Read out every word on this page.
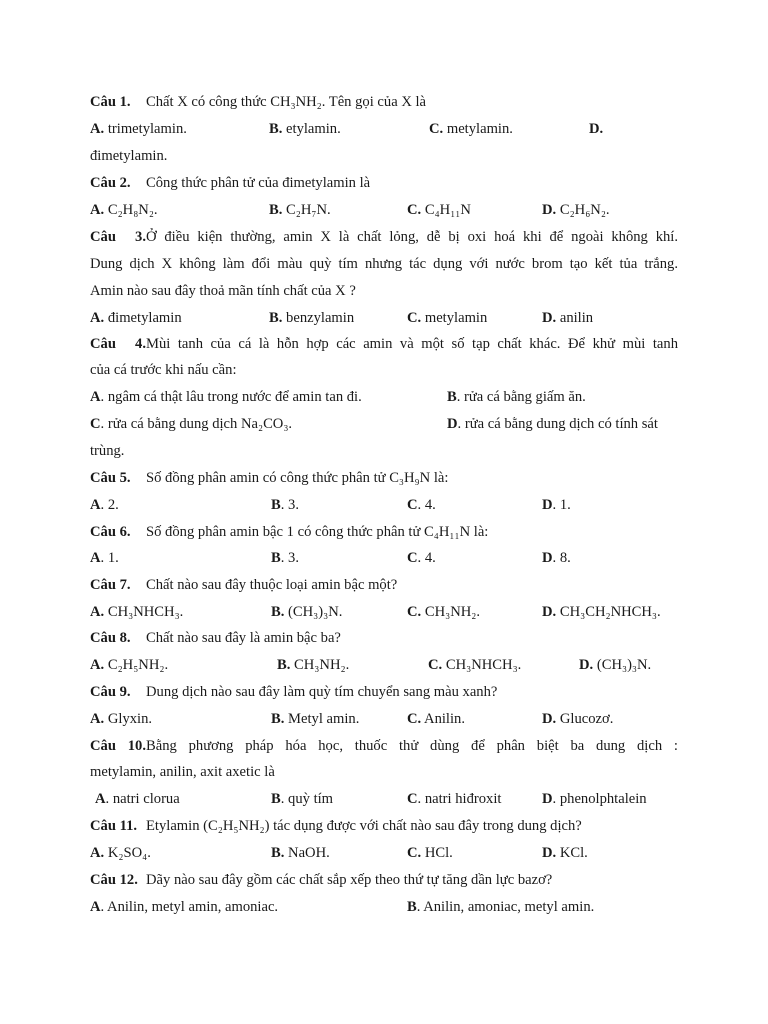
Câu 1. Chất X có công thức CH₃NH₂. Tên gọi của X là
A. trimetylamin.	B. etylamin.	C. metylamin.	D.
đimetylamin.
Câu 2. Công thức phân tử của đimetylamin là
A. C₂H₈N₂.	B. C₂H₇N.	C. C₄H₁₁N	D. C₂H₆N₂.
Câu 3.Ở điều kiện thường, amin X là chất lỏng, dễ bị oxi hoá khi để ngoài không khí.
Dung dịch X không làm đổi màu quỳ tím nhưng tác dụng với nước brom tạo kết tủa trắng.
Amin nào sau đây thoả mãn tính chất của X ?
A. đimetylamin	B. benzylamin	C. metylamin	D. anilin
Câu 4.Mùi tanh của cá là hỗn hợp các amin và một số tạp chất khác. Để khử mùi tanh
của cá trước khi nấu cần:
A. ngâm cá thật lâu trong nước để amin tan đi.	B. rửa cá bằng giấm ăn.
C. rửa cá bằng dung dịch Na₂CO₃.	D. rửa cá bằng dung dịch có tính sát
trùng.
Câu 5. Số đồng phân amin có công thức phân tử C₃H₉N là:
A. 2.	B. 3.	C. 4.	D. 1.
Câu 6. Số đồng phân amin bậc 1 có công thức phân tử C₄H₁₁N là:
A. 1.	B. 3.	C. 4.	D. 8.
Câu 7. Chất nào sau đây thuộc loại amin bậc một?
A. CH₃NHCH₃.	B. (CH₃)₃N.	C. CH₃NH₂.	D. CH₃CH₂NHCH₃.
Câu 8. Chất nào sau đây là amin bậc ba?
A. C₂H₅NH₂.	B. CH₃NH₂.	C. CH₃NHCH₃.	D. (CH₃)₃N.
Câu 9. Dung dịch nào sau đây làm quỳ tím chuyển sang màu xanh?
A. Glyxin.	B. Metyl amin.	C. Anilin.	D. Glucozơ.
Câu 10.Bằng phương pháp hóa học, thuốc thử dùng để phân biệt ba dung dịch :
metylamin, anilin, axit axetic là
A. natri clorua	B. quỳ tím	C. natri hiđroxit	D. phenolphtalein
Câu 11. Etylamin (C₂H₅NH₂) tác dụng được với chất nào sau đây trong dung dịch?
A. K₂SO₄.	B. NaOH.	C. HCl.	D. KCl.
Câu 12. Dãy nào sau đây gồm các chất sắp xếp theo thứ tự tăng dần lực bazơ?
A. Anilin, metyl amin, amoniac.	B. Anilin, amoniac, metyl amin.
